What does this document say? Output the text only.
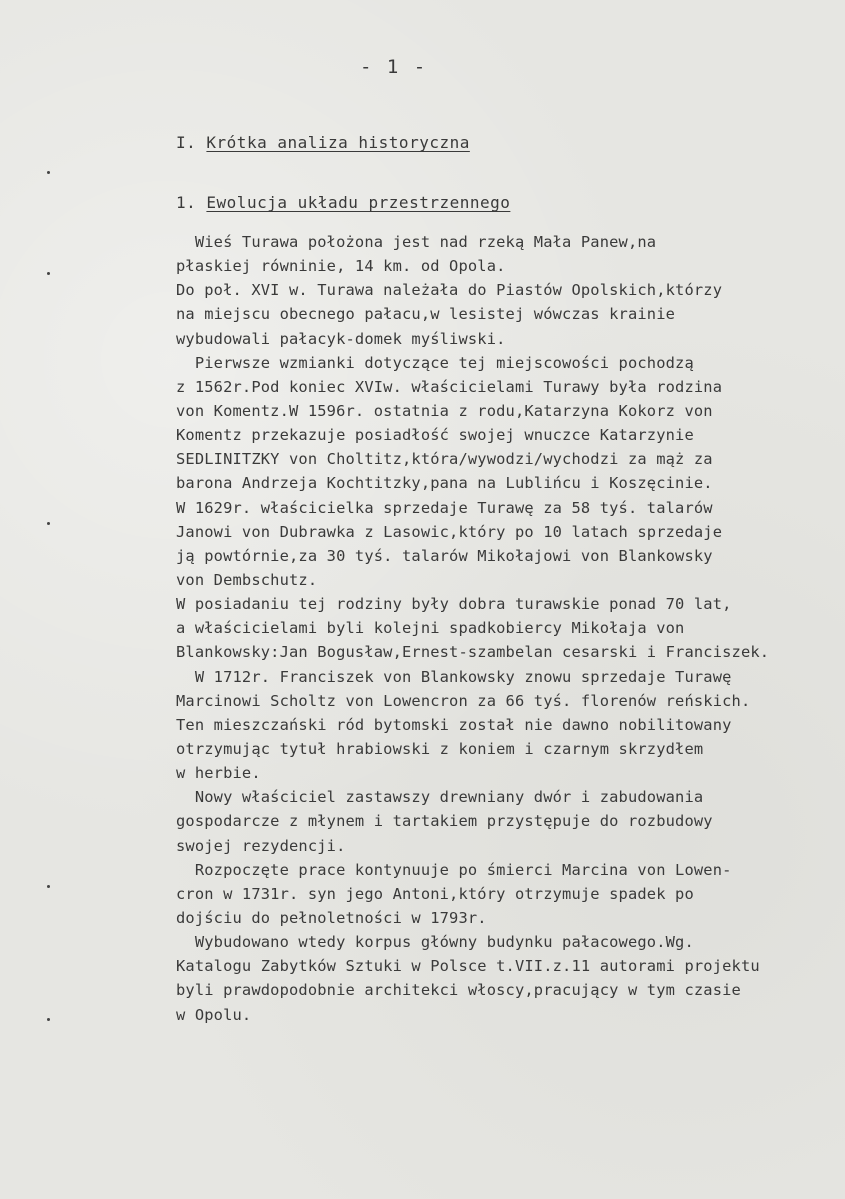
- 1 -
I. Krótka analiza historyczna
1. Ewolucja_układu przestrzennego
Wieś Turawa położona jest nad rzeką Mała Panew,na
płaskiej równinie, 14 km. od Opola.
Do poł. XVI w. Turawa należała do Piastów Opolskich,którzy
na miejscu obecnego pałacu,w lesistej wówczas krainie
wybudowali pałacyk-domek myśliwski.
Pierwsze wzmianki dotyczące tej miejscowości pochodzą
z 1562r.Pod koniec XVIw. właścicielami Turawy była rodzina
von Komentz.W 1596r. ostatnia z rodu,Katarzyna Kokorz von
Komentz przekazuje posiadłość swojej wnuczce Katarzynie
SEDLINITZKY von Choltitz,która/wywodzi/wychodzi za mąż za
barona Andrzeja Kochtitzky,pana na Lublińcu i Koszęcinie.
W 1629r. właścicielka sprzedaje Turawę za 58 tyś. talarów
Janowi von Dubrawka z Lasowic,który po 10 latach sprzedaje
ją powtórnie,za 30 tyś. talarów Mikołajowi von Blankowsky
von Dembschutz.
W posiadaniu tej rodziny były dobra turawskie ponad 70 lat,
a właścicielami byli kolejni spadkobiercy Mikołaja von
Blankowsky:Jan Bogusław,Ernest-szambelan cesarski i Franciszek.
W 1712r. Franciszek von Blankowsky znowu sprzedaje Turawę
Marcinowi Scholtz von Lowencron za 66 tyś. florenów reńskich.
Ten mieszczański ród bytomski został nie dawno nobilitowany
otrzymując tytuł hrabiowski z koniem i czarnym skrzydłem
w herbie.
Nowy właściciel zastawszy drewniany dwór i zabudowania
gospodarcze z młynem i tartakiem przystępuje do rozbudowy
swojej rezydencji.
Rozpoczęte prace kontynuuje po śmierci Marcina von Lowen-
cron w 1731r. syn jego Antoni,który otrzymuje spadek po
dojściu do pełnoletności w 1793r.
Wybudowano wtedy korpus główny budynku pałacowego.Wg.
Katalogu Zabytków Sztuki w Polsce t.VII.z.11 autorami projektu
byli prawdopodobnie architekci włoscy,pracujący w tym czasie
w Opolu.
